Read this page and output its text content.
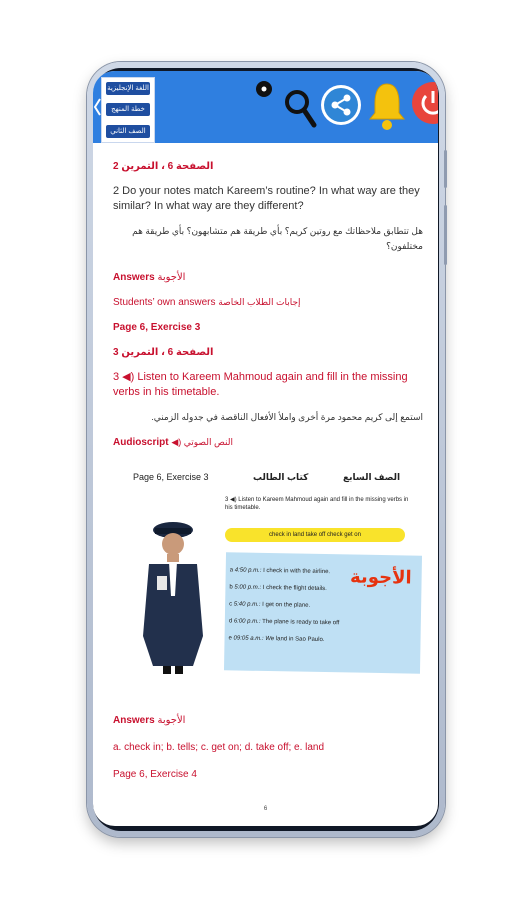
اللغة الإنجليزية
خطة المنهج
الصف الثاني

الصفحة 6 ، التمرين 2

2 Do your notes match Kareem’s routine? In what way are they similar? In what way are they different?

هل تتطابق ملاحظاتك مع روتين كريم؟ بأي طريقة هم متشابهون؟ بأي طريقة هم مختلفون؟

Answers الأجوبة

Students’ own answers إجابات الطلاب الخاصة

Page 6, Exercise 3

الصفحة 6 ، التمرين 3

3 ◀) Listen to Kareem Mahmoud again and fill in the missing verbs in his timetable.

استمع إلى كريم محمود مرة أخرى واملأ الأفعال الناقصة في جدوله الزمني.

Audioscript ◀) النص الصوتي

Page 6, Exercise 3	كتاب الطالب	الصف السابع
3 ◀) Listen to Kareem Mahmoud again and fill in the missing verbs in his timetable.
check in land take off check get on
الأجوبة
a 4:50 p.m.: I check in with the airline.
b 5:00 p.m.: I check the flight details.
c 5:40 p.m.: I get on the plane.
d 6:00 p.m.: The plane is ready to take off
e 09:05 a.m.: We land in Sao Paulo.

Answers الأجوبة

a. check in; b. tells; c. get on; d. take off; e. land

Page 6, Exercise 4

6
